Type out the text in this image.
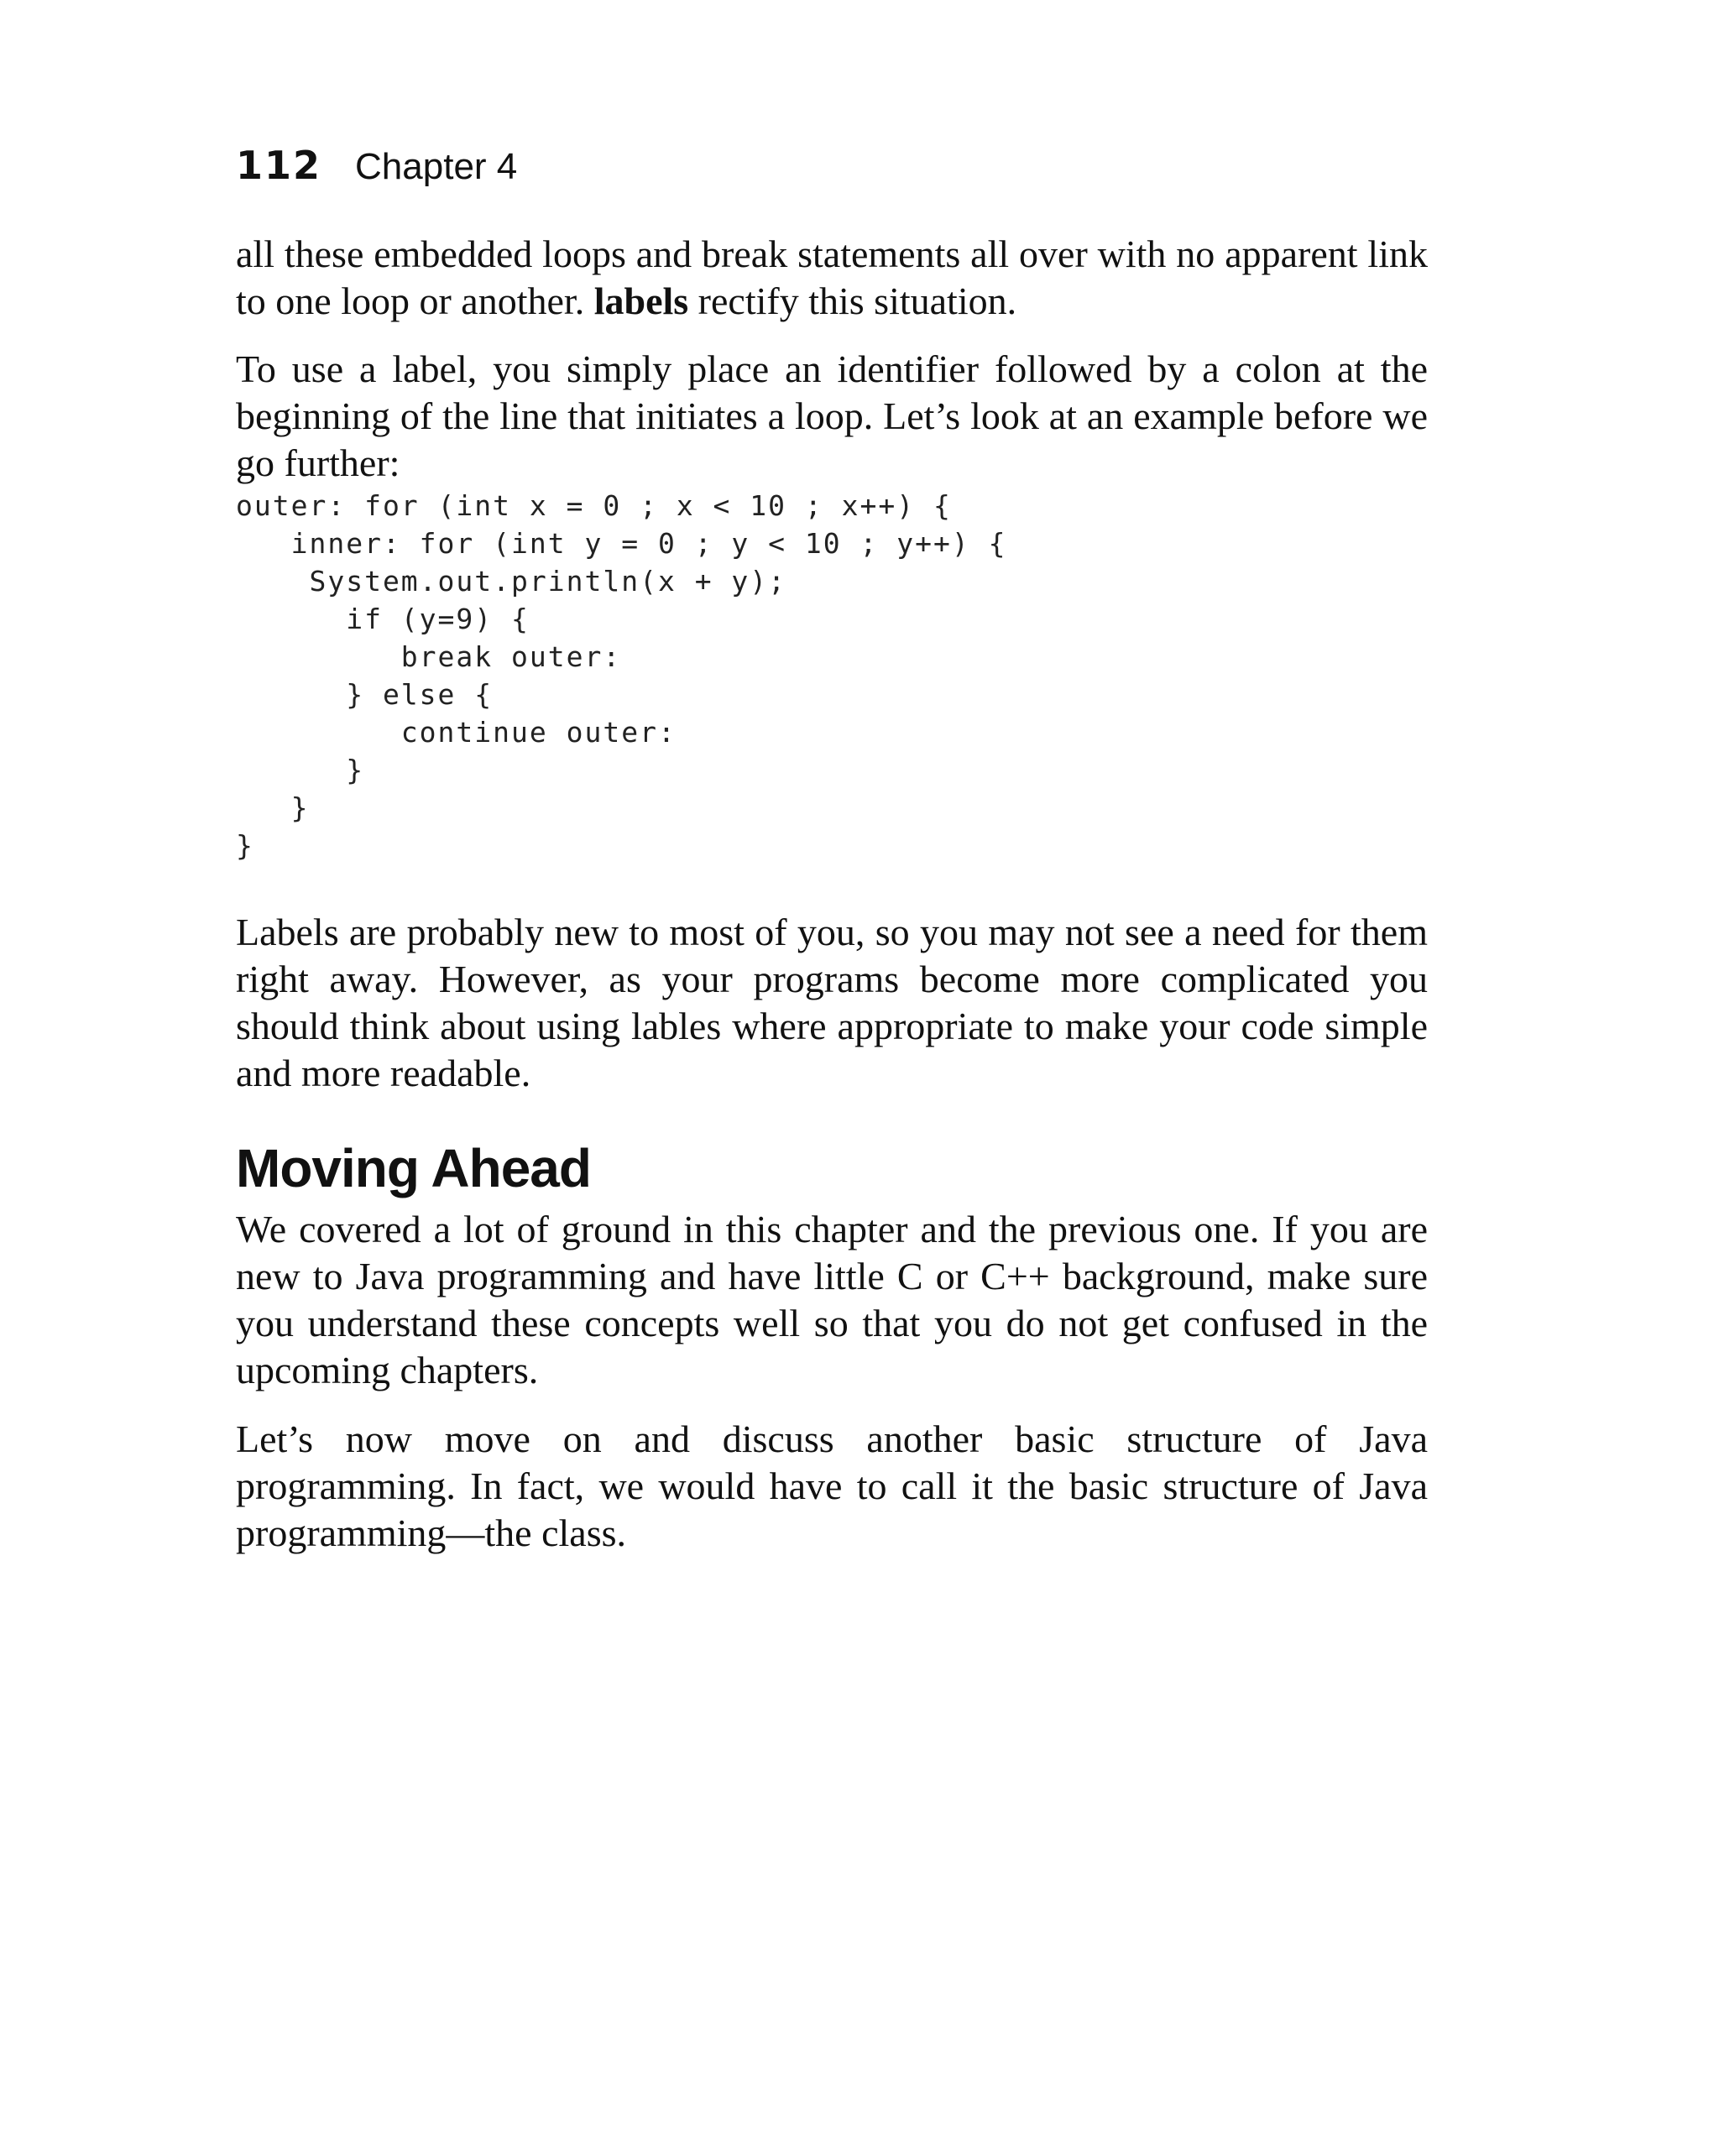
112 Chapter 4

all these embedded loops and break statements all over with no apparent link to one loop or another. labels rectify this situation.

To use a label, you simply place an identifier followed by a colon at the beginning of the line that initiates a loop. Let’s look at an example before we go further:

outer: for (int x = 0 ; x < 10 ; x++) {
inner: for (int y = 0 ; y < 10 ; y++) {
System.out.println(x + y);
if (y=9) {
break outer:
} else {
continue outer:
}
}
}

Labels are probably new to most of you, so you may not see a need for them right away. However, as your programs become more complicated you should think about using lables where appropriate to make your code simple and more readable.

Moving Ahead

We covered a lot of ground in this chapter and the previous one. If you are new to Java programming and have little C or C++ background, make sure you understand these concepts well so that you do not get confused in the upcoming chapters.

Let’s now move on and discuss another basic structure of Java programming. In fact, we would have to call it the basic structure of Java programming—the class.
